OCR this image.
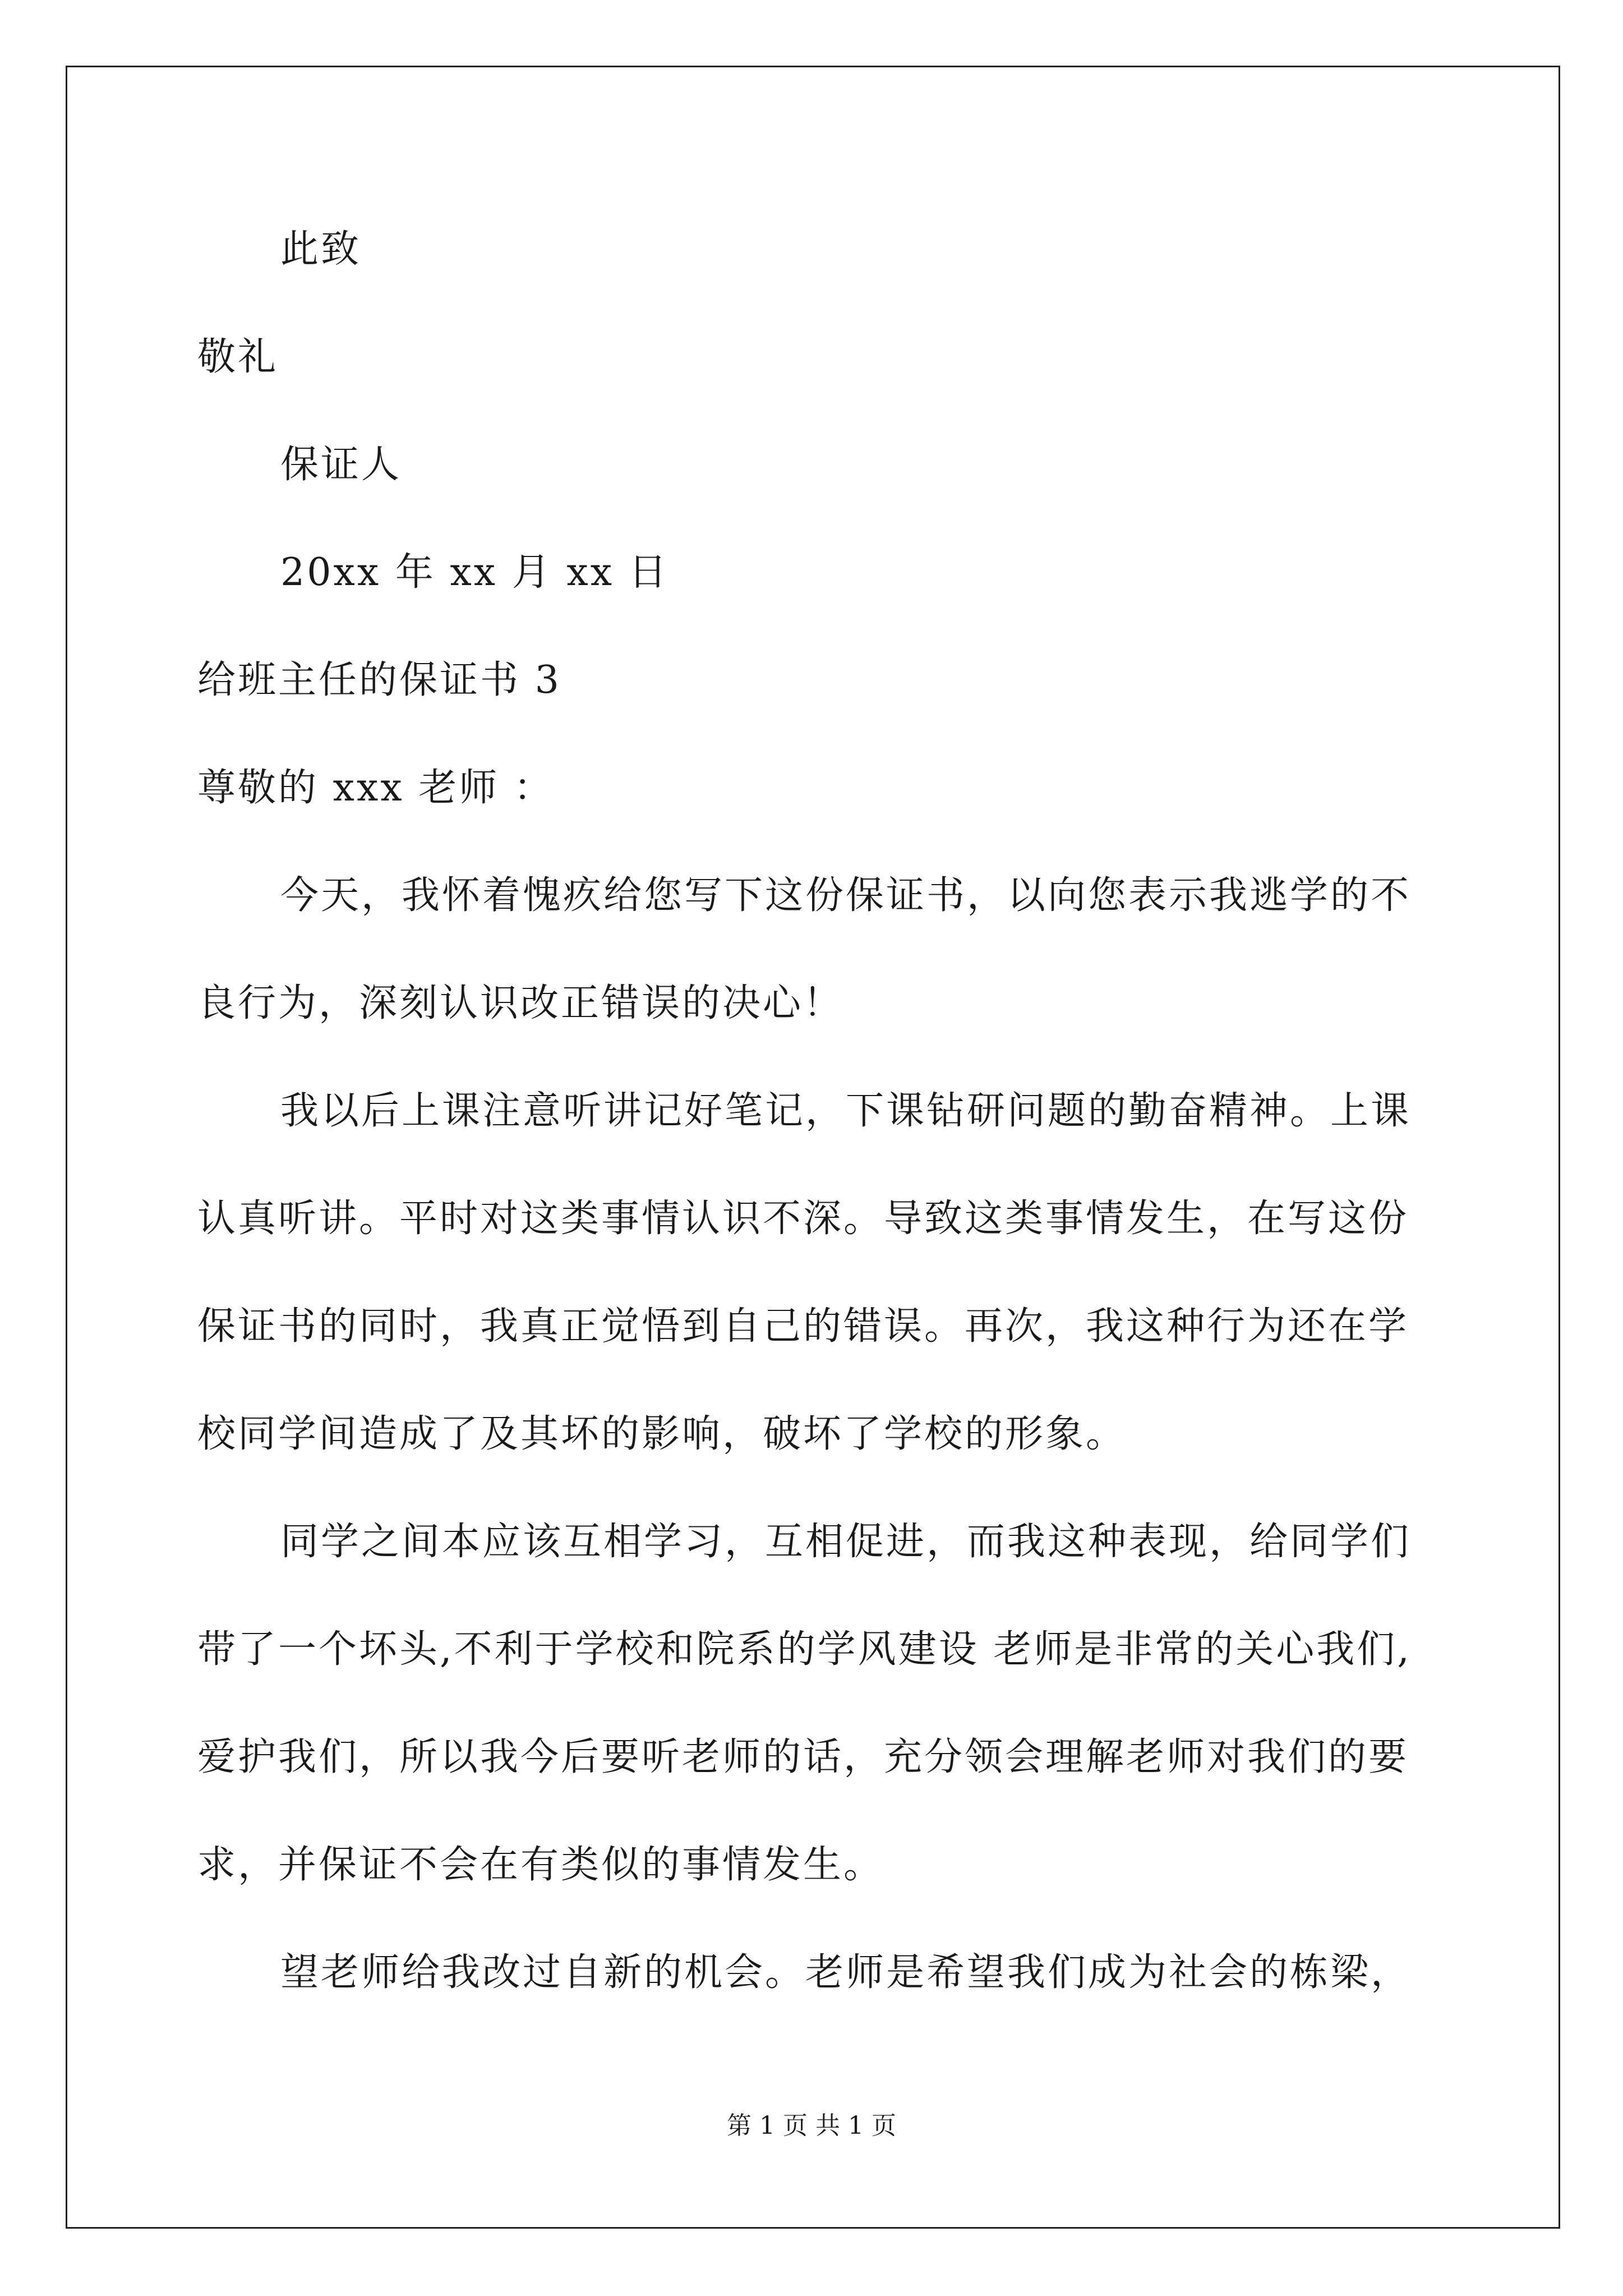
此致
敬礼
保证人
20xx 年 xx 月 xx 日
给班主任的保证书 3
尊敬的 xxx 老师 ：
今天，我怀着愧疚给您写下这份保证书，以向您表示我逃学的不
良行为，深刻认识改正错误的决心！
我以后上课注意听讲记好笔记，下课钻研问题的勤奋精神。上课
认真听讲。平时对这类事情认识不深。导致这类事情发生，在写这份
保证书的同时，我真正觉悟到自己的错误。再次，我这种行为还在学
校同学间造成了及其坏的影响，破坏了学校的形象。
同学之间本应该互相学习，互相促进，而我这种表现，给同学们
带了一个坏头,不利于学校和院系的学风建设 老师是非常的关心我们,
爱护我们，所以我今后要听老师的话，充分领会理解老师对我们的要
求，并保证不会在有类似的事情发生。
望老师给我改过自新的机会。老师是希望我们成为社会的栋梁，
第 1 页 共 1 页
